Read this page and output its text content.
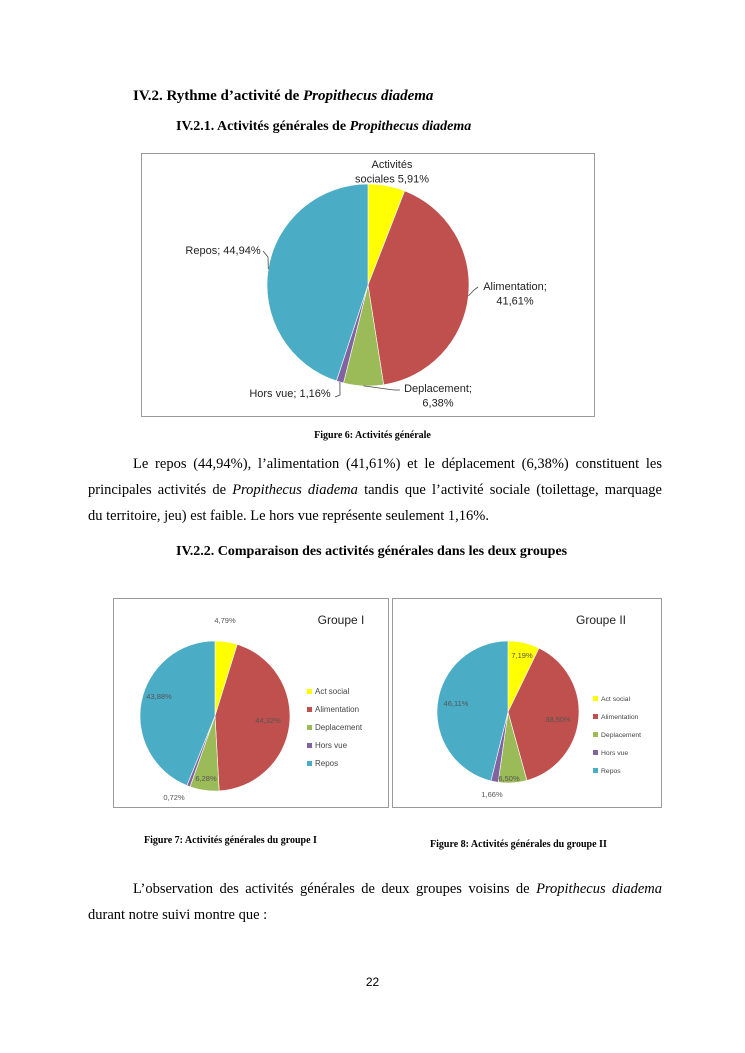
IV.2. Rythme d’activité de Propithecus diadema
IV.2.1. Activités générales de Propithecus diadema
Activités sociales 5,91%
Alimentation; 41,61%
Deplacement; 6,38%
Hors vue; 1,16%
Repos; 44,94%
Figure 6: Activités générale
Le repos (44,94%), l’alimentation (41,61%) et le déplacement (6,38%) constituent les
principales activités de Propithecus diadema tandis que l’activité sociale (toilettage, marquage
du territoire, jeu) est faible. Le hors vue représente seulement 1,16%.
IV.2.2. Comparaison des activités générales dans les deux groupes
Groupe I
4,79%
44,32%
6,28%
0,72%
43,88%
Act social
Alimentation
Deplacement
Hors vue
Repos
Groupe II
7,19%
38,50%
6,50%
1,66%
46,11%	Act social
Alimentation
Deplacement
Hors vue
Repos
Figure 7: Activités générales du groupe I	Figure 8: Activités générales du groupe II
L’observation des activités générales de deux groupes voisins de Propithecus diadema
durant notre suivi montre que :
22
